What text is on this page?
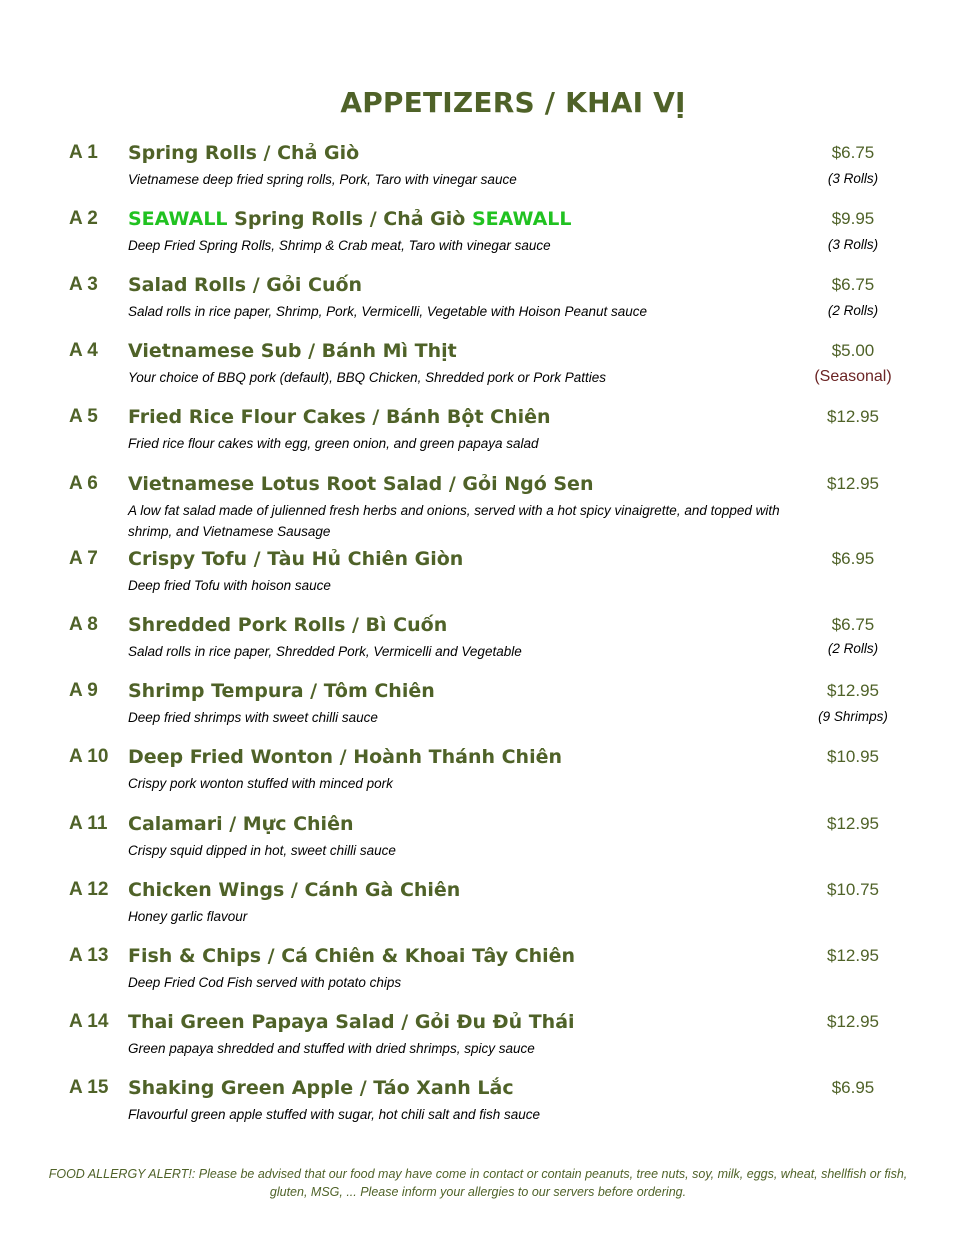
APPETIZERS / KHAI VỊ
A 1 Spring Rolls / Chả Giò

Vietnamese deep fried spring rolls, Pork, Taro with vinegar sauce

$6.75
(3 Rolls)
A 2 SEAWALL Spring Rolls / Chả Giò SEAWALL

Deep Fried Spring Rolls, Shrimp & Crab meat, Taro with vinegar sauce

$9.95
(3 Rolls)
A 3 Salad Rolls / Gỏi Cuốn

Salad rolls in rice paper, Shrimp, Pork, Vermicelli, Vegetable with Hoison Peanut sauce

$6.75
(2 Rolls)
A 4 Vietnamese Sub / Bánh Mì Thịt

Your choice of BBQ pork (default), BBQ Chicken, Shredded pork or Pork Patties

$5.00
(Seasonal)
A 5 Fried Rice Flour Cakes / Bánh Bột Chiên

Fried rice flour cakes with egg, green onion, and green papaya salad

$12.95
A 6 Vietnamese Lotus Root Salad / Gỏi Ngó Sen

A low fat salad made of julienned fresh herbs and onions, served with a hot spicy vinaigrette, and topped with shrimp, and Vietnamese Sausage

$12.95
A 7 Crispy Tofu / Tàu Hủ Chiên Giòn

Deep fried Tofu with hoison sauce

$6.95
A 8 Shredded Pork Rolls / Bì Cuốn

Salad rolls in rice paper, Shredded Pork, Vermicelli and Vegetable

$6.75
(2 Rolls)
A 9 Shrimp Tempura / Tôm Chiên

Deep fried shrimps with sweet chilli sauce

$12.95
(9 Shrimps)
A 10 Deep Fried Wonton / Hoành Thánh Chiên

Crispy pork wonton stuffed with minced pork

$10.95
A 11 Calamari / Mực Chiên

Crispy squid dipped in hot, sweet chilli sauce

$12.95
A 12 Chicken Wings / Cánh Gà Chiên

Honey garlic flavour

$10.75
A 13 Fish & Chips / Cá Chiên & Khoai Tây Chiên

Deep Fried Cod Fish served with potato chips

$12.95
A 14 Thai Green Papaya Salad / Gỏi Đu Đủ Thái

Green papaya shredded and stuffed with dried shrimps, spicy sauce

$12.95
A 15 Shaking Green Apple / Táo Xanh Lắc

Flavourful green apple stuffed with sugar, hot chili salt and fish sauce

$6.95

FOOD ALLERGY ALERT!: Please be advised that our food may have come in contact or contain peanuts, tree nuts, soy, milk, eggs, wheat, shellfish or fish, gluten, MSG, ... Please inform your allergies to our servers before ordering.
